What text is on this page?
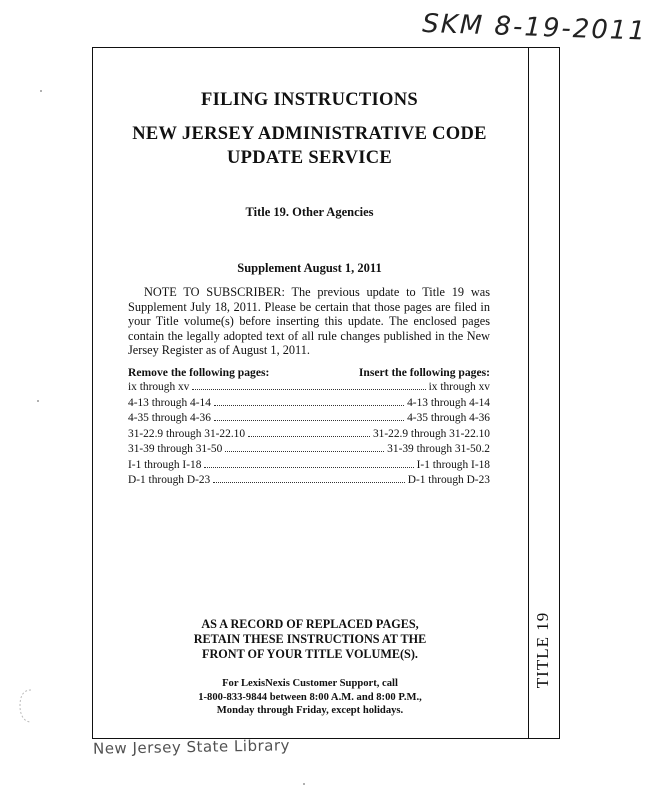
SKM 8-19-2011
TITLE 19
FILING INSTRUCTIONS
NEW JERSEY ADMINISTRATIVE CODE
UPDATE SERVICE
Title 19. Other Agencies
Supplement August 1, 2011

NOTE TO SUBSCRIBER: The previous update to Title 19 was Supplement July 18, 2011. Please be certain that those pages are filed in your Title volume(s) before inserting this update. The enclosed pages contain the legally adopted text of all rule changes published in the New Jersey Register as of August 1, 2011.

Remove the following pages:	Insert the following pages:
ix through xv	ix through xv
4-13 through 4-14	4-13 through 4-14
4-35 through 4-36	4-35 through 4-36
31-22.9 through 31-22.10	31-22.9 through 31-22.10
31-39 through 31-50	31-39 through 31-50.2
I-1 through I-18	I-1 through I-18
D-1 through D-23	D-1 through D-23
AS A RECORD OF REPLACED PAGES,
RETAIN THESE INSTRUCTIONS AT THE
FRONT OF YOUR TITLE VOLUME(S).
For LexisNexis Customer Support, call
1-800-833-9844 between 8:00 A.M. and 8:00 P.M.,
Monday through Friday, except holidays.
New Jersey State Library
